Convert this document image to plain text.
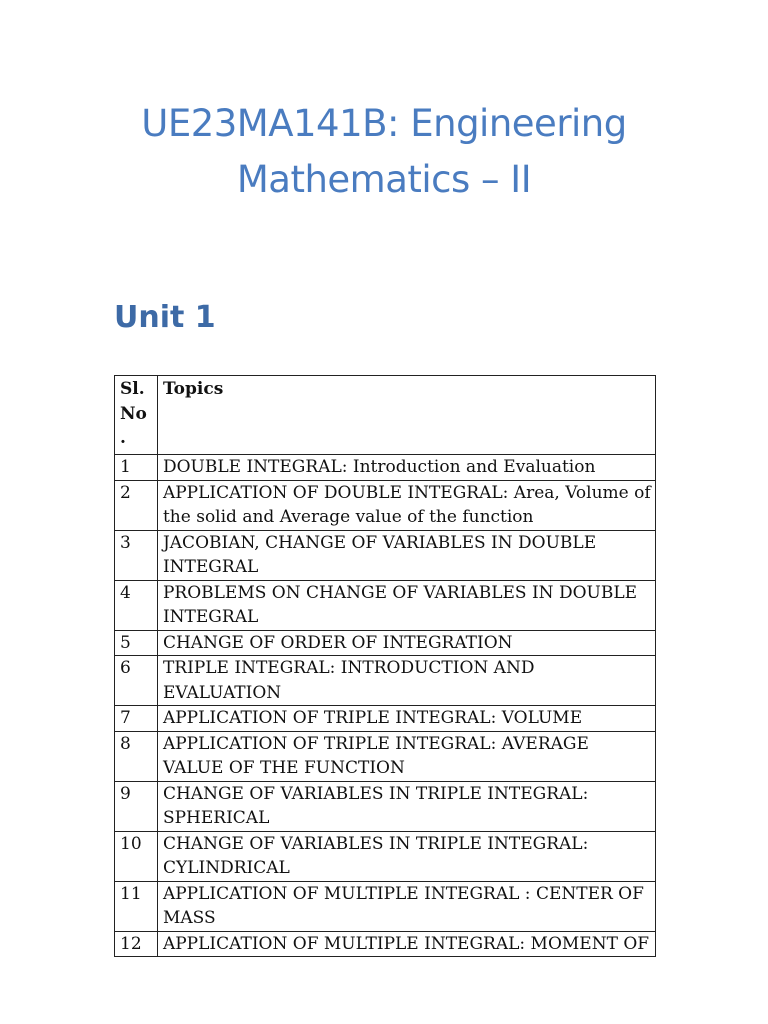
UE23MA141B: Engineering
Mathematics – II
Unit 1
Sl.
No
.	Topics
1	DOUBLE INTEGRAL: Introduction and Evaluation
2	APPLICATION OF DOUBLE INTEGRAL: Area, Volume of the solid and Average value of the function
3	JACOBIAN, CHANGE OF VARIABLES IN DOUBLE INTEGRAL
4	PROBLEMS ON CHANGE OF VARIABLES IN DOUBLE INTEGRAL
5	CHANGE OF ORDER OF INTEGRATION
6	TRIPLE INTEGRAL: INTRODUCTION AND EVALUATION
7	APPLICATION OF TRIPLE INTEGRAL: VOLUME
8	APPLICATION OF TRIPLE INTEGRAL: AVERAGE VALUE OF THE FUNCTION
9	CHANGE OF VARIABLES IN TRIPLE INTEGRAL: SPHERICAL
10	CHANGE OF VARIABLES IN TRIPLE INTEGRAL: CYLINDRICAL
11	APPLICATION OF MULTIPLE INTEGRAL : CENTER OF MASS
12	APPLICATION OF MULTIPLE INTEGRAL: MOMENT OF
